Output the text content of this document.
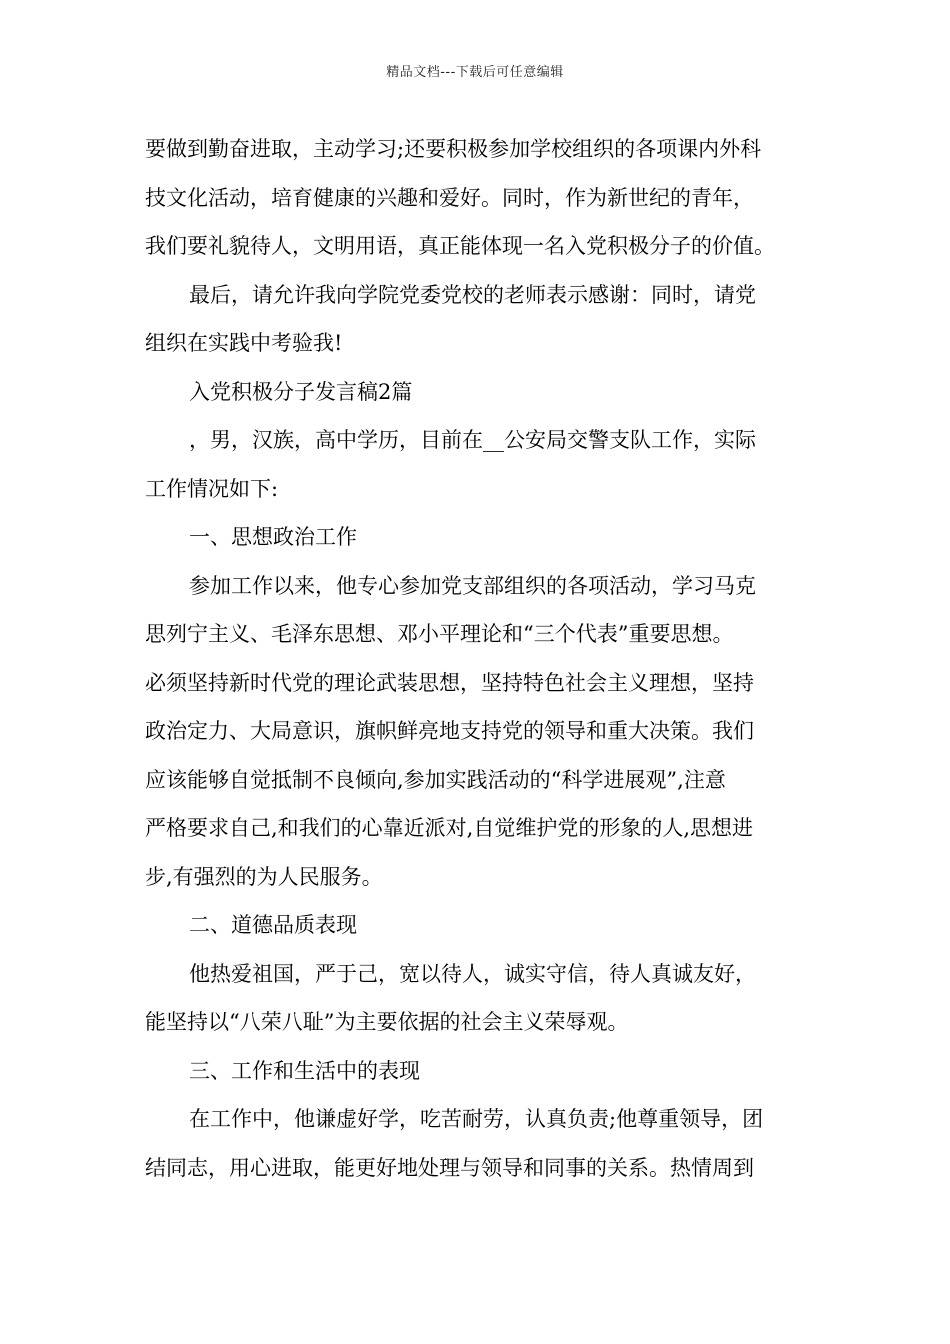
精品文档---下载后可任意编辑
要做到勤奋进取，主动学习;还要积极参加学校组织的各项课内外科
技文化活动，培育健康的兴趣和爱好。同时，作为新世纪的青年，
我们要礼貌待人，文明用语，真正能体现一名入党积极分子的价值。
最后，请允许我向学院党委党校的老师表示感谢：同时，请党
组织在实践中考验我!
入党积极分子发言稿2篇
，男，汉族，高中学历，目前在__公安局交警支队工作，实际
工作情况如下:
一、思想政治工作
参加工作以来，他专心参加党支部组织的各项活动，学习马克
思列宁主义、毛泽东思想、邓小平理论和“三个代表”重要思想。
必须坚持新时代党的理论武装思想，坚持特色社会主义理想，坚持
政治定力、大局意识，旗帜鲜亮地支持党的领导和重大决策。我们
应该能够自觉抵制不良倾向,参加实践活动的“科学进展观”,注意
严格要求自己,和我们的心靠近派对,自觉维护党的形象的人,思想进
步,有强烈的为人民服务。
二、道德品质表现
他热爱祖国，严于己，宽以待人，诚实守信，待人真诚友好，
能坚持以“八荣八耻”为主要依据的社会主义荣辱观。
三、工作和生活中的表现
在工作中，他谦虚好学，吃苦耐劳，认真负责;他尊重领导，团
结同志，用心进取，能更好地处理与领导和同事的关系。热情周到
